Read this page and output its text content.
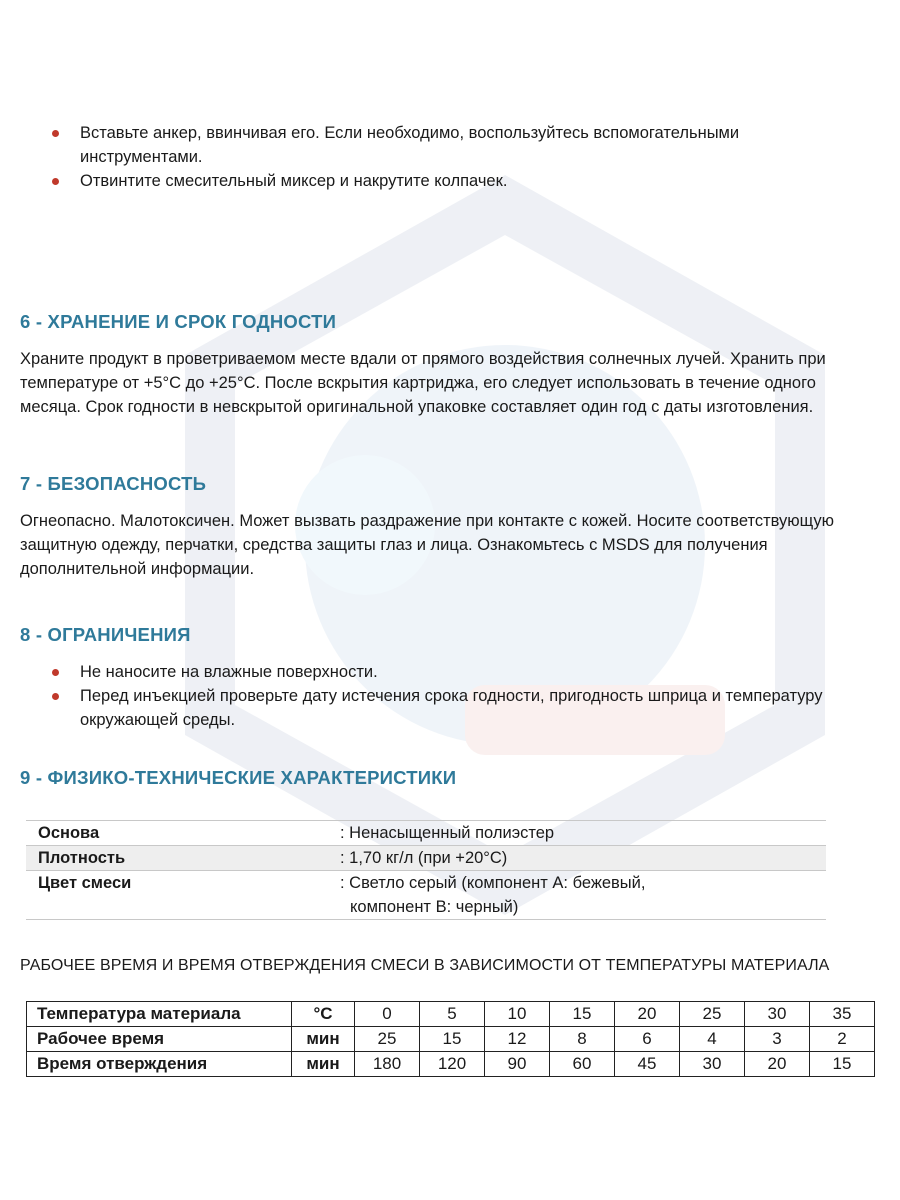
Вставьте анкер, ввинчивая его. Если необходимо, воспользуйтесь вспомогательными инструментами.
Отвинтите смесительный миксер и накрутите колпачек.
6 - ХРАНЕНИЕ И СРОК ГОДНОСТИ

Храните продукт в проветриваемом месте вдали от прямого воздействия солнечных лучей. Хранить при температуре от +5°C до +25°C. После вскрытия картриджа, его следует использовать в течение одного месяца. Срок годности в невскрытой оригинальной упаковке составляет один год с даты изготовления.

7 - БЕЗОПАСНОСТЬ

Огнеопасно. Малотоксичен. Может вызвать раздражение при контакте с кожей. Носите соответствующую защитную одежду, перчатки, средства защиты глаз и лица. Ознакомьтесь с MSDS для получения дополнительной информации.

8 - ОГРАНИЧЕНИЯ
Не наносите на влажные поверхности.
Перед инъекцией проверьте дату истечения срока годности, пригодность шприца и температуру окружающей среды.
9 - ФИЗИКО-ТЕХНИЧЕСКИЕ ХАРАКТЕРИСТИКИ
Основа	: Ненасыщенный полиэстер
Плотность	: 1,70 кг/л (при +20°C)
Цвет смеси	: Светло серый (компонент А: бежевый,
компонент В: черный)
РАБОЧЕЕ ВРЕМЯ И ВРЕМЯ ОТВЕРЖДЕНИЯ СМЕСИ В ЗАВИСИМОСТИ ОТ ТЕМПЕРАТУРЫ МАТЕРИАЛА
Температура материала	°C	0	5	10	15	20	25	30	35
Рабочее время	мин	25	15	12	8	6	4	3	2
Время отверждения	мин	180	120	90	60	45	30	20	15
